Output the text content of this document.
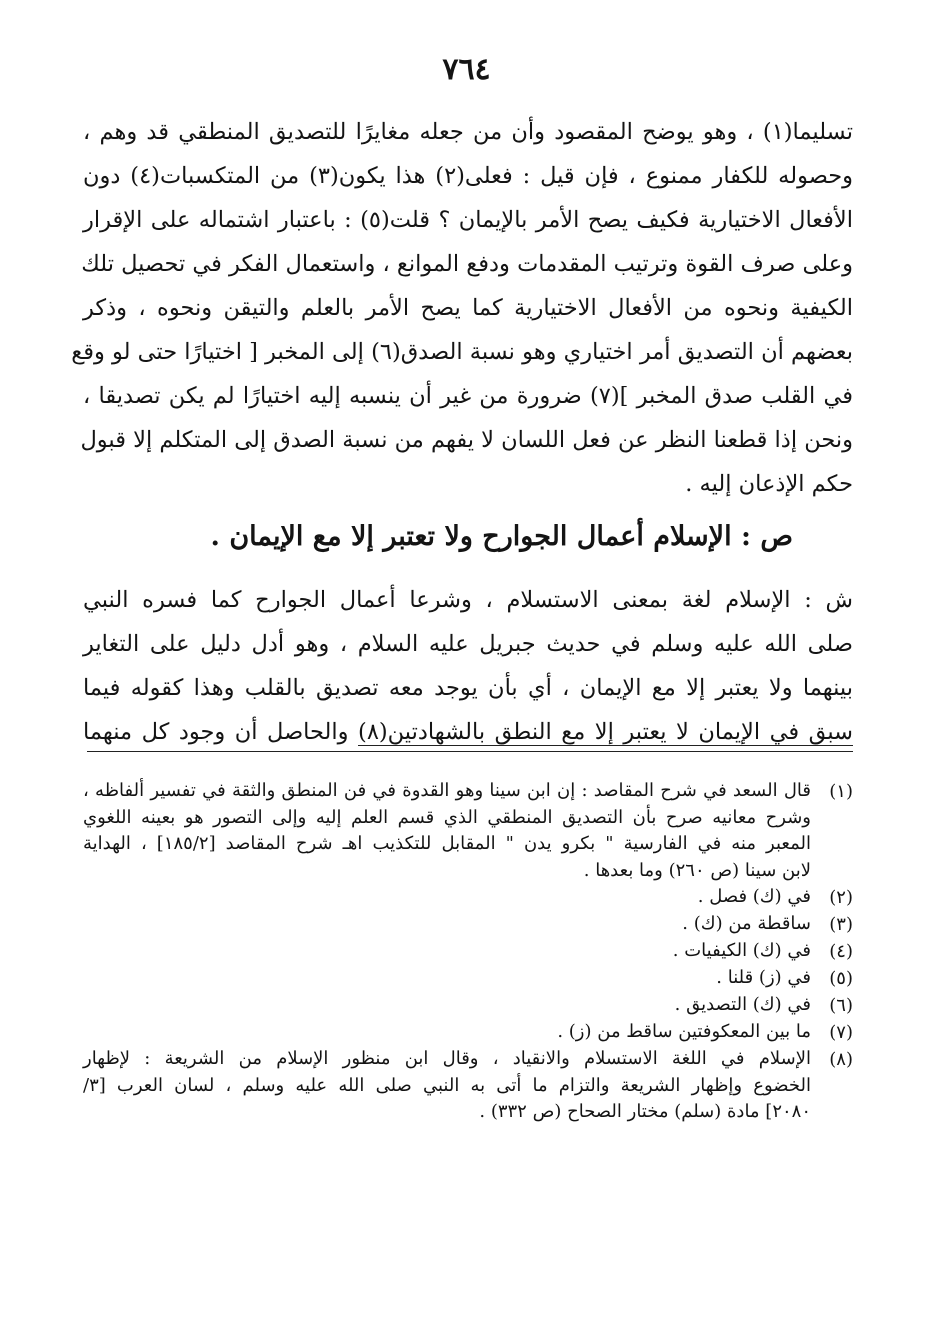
٧٦٤
تسليما(١) ، وهو يوضح المقصود وأن من جعله مغايرًا للتصديق المنطقي قد وهم ،
وحصوله للكفار ممنوع ، فإن قيل : فعلى(٢) هذا يكون(٣) من المتكسبات(٤) دون
الأفعال الاختيارية فكيف يصح الأمر بالإيمان ؟ قلت(٥) : باعتبار اشتماله على الإقرار
وعلى صرف القوة وترتيب المقدمات ودفع الموانع ، واستعمال الفكر في تحصيل تلك
الكيفية ونحوه من الأفعال الاختيارية كما يصح الأمر بالعلم والتيقن ونحوه ، وذكر
بعضهم أن التصديق أمر اختياري وهو نسبة الصدق(٦) إلى المخبر [ اختيارًا حتى لو وقع
في القلب صدق المخبر ](٧) ضرورة من غير أن ينسبه إليه اختيارًا لم يكن تصديقا ،
ونحن إذا قطعنا النظر عن فعل اللسان لا يفهم من نسبة الصدق إلى المتكلم إلا قبول
حكم الإذعان إليه .
ص : الإسلام أعمال الجوارح ولا تعتبر إلا مع الإيمان .
ش : الإسلام لغة بمعنى الاستسلام ، وشرعا أعمال الجوارح كما فسره النبي
صلى الله عليه وسلم في حديث جبريل عليه السلام ، وهو أدل دليل على التغاير
بينهما ولا يعتبر إلا مع الإيمان ، أي بأن يوجد معه تصديق بالقلب وهذا كقوله فيما
سبق في الإيمان لا يعتبر إلا مع النطق بالشهادتين(٨) والحاصل أن وجود كل منهما
(١)
قال السعد في شرح المقاصد : إن ابن سينا وهو القدوة في فن المنطق والثقة في تفسير ألفاظه ،
وشرح معانيه صرح بأن التصديق المنطقي الذي قسم العلم إليه وإلى التصور هو بعينه اللغوي
المعبر منه في الفارسية " بكرو يدن " المقابل للتكذيب اهـ شرح المقاصد [١٨٥/٢] ، الهداية
لابن سينا (ص ٢٦٠) وما بعدها .
(٢)
في (ك) فصل .
(٣)
ساقطة من (ك) .
(٤)
في (ك) الكيفيات .
(٥)
في (ز) قلنا .
(٦)
في (ك) التصديق .
(٧)
ما بين المعكوفتين ساقط من (ز) .
(٨)
الإسلام في اللغة الاستسلام والانقياد ، وقال ابن منظور الإسلام من الشريعة : لإظهار
الخضوع وإظهار الشريعة والتزام ما أتى به النبي صلى الله عليه وسلم ، لسان العرب [٣/
٢٠٨٠] مادة (سلم) مختار الصحاح (ص ٣٣٢) .
